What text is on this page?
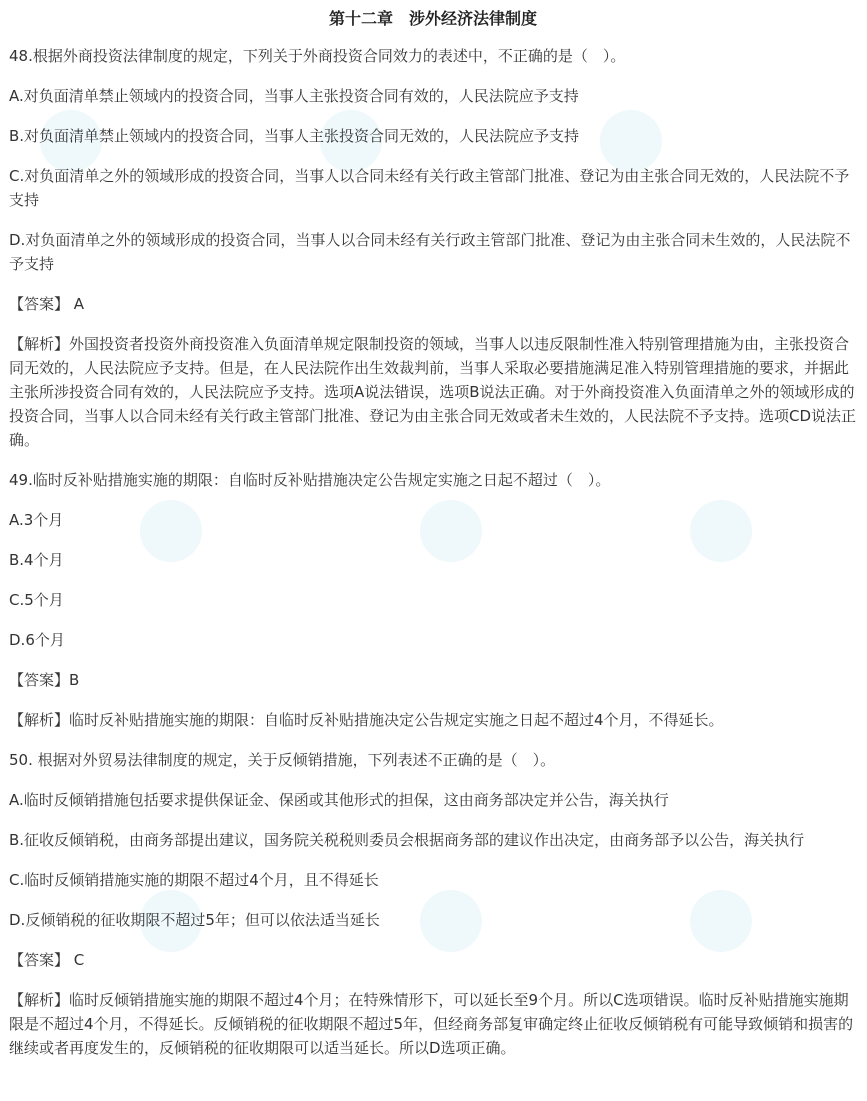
第十二章　涉外经济法律制度

48.根据外商投资法律制度的规定，下列关于外商投资合同效力的表述中，不正确的是（　）。

A.对负面清单禁止领域内的投资合同，当事人主张投资合同有效的，人民法院应予支持

B.对负面清单禁止领域内的投资合同，当事人主张投资合同无效的，人民法院应予支持

C.对负面清单之外的领域形成的投资合同，当事人以合同未经有关行政主管部门批准、登记为由主张合同无效的，人民法院不予支持

D.对负面清单之外的领域形成的投资合同，当事人以合同未经有关行政主管部门批准、登记为由主张合同未生效的，人民法院不予支持

【答案】 A

【解析】外国投资者投资外商投资准入负面清单规定限制投资的领域，当事人以违反限制性准入特别管理措施为由，主张投资合同无效的，人民法院应予支持。但是，在人民法院作出生效裁判前，当事人采取必要措施满足准入特别管理措施的要求，并据此主张所涉投资合同有效的，人民法院应予支持。选项A说法错误，选项B说法正确。对于外商投资准入负面清单之外的领域形成的投资合同，当事人以合同未经有关行政主管部门批准、登记为由主张合同无效或者未生效的，人民法院不予支持。选项CD说法正确。

49.临时反补贴措施实施的期限：自临时反补贴措施决定公告规定实施之日起不超过（　）。

A.3个月

B.4个月

C.5个月

D.6个月

【答案】B

【解析】临时反补贴措施实施的期限：自临时反补贴措施决定公告规定实施之日起不超过4个月，不得延长。

50. 根据对外贸易法律制度的规定，关于反倾销措施，下列表述不正确的是（　）。

A.临时反倾销措施包括要求提供保证金、保函或其他形式的担保，这由商务部决定并公告，海关执行

B.征收反倾销税，由商务部提出建议，国务院关税税则委员会根据商务部的建议作出决定，由商务部予以公告，海关执行

C.临时反倾销措施实施的期限不超过4个月，且不得延长

D.反倾销税的征收期限不超过5年；但可以依法适当延长

【答案】 C

【解析】临时反倾销措施实施的期限不超过4个月；在特殊情形下，可以延长至9个月。所以C选项错误。临时反补贴措施实施期限是不超过4个月，不得延长。反倾销税的征收期限不超过5年，但经商务部复审确定终止征收反倾销税有可能导致倾销和损害的继续或者再度发生的，反倾销税的征收期限可以适当延长。所以D选项正确。
